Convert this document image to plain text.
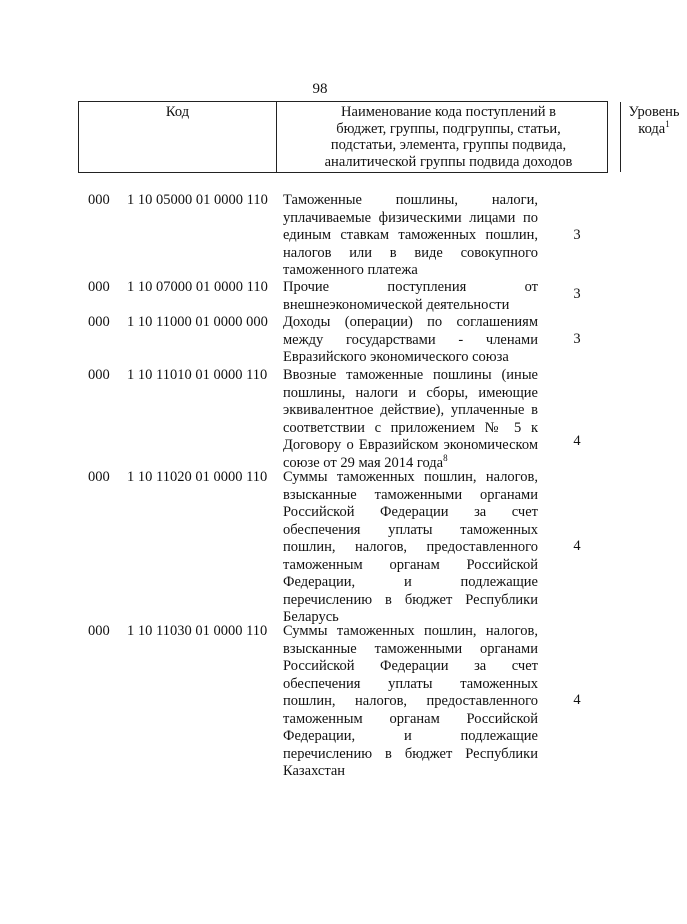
98
Код	Наименование кода поступлений в
бюджет, группы, подгруппы, статьи,
подстатьи, элемента, группы подвида,
аналитической группы подвида доходов
Уровень
кода$^1$
000 1 10 05000 01 0000 110 Таможенные пошлины, налоги,
уплачиваемые физическими лицами по
единым ставкам таможенных пошлин,
налогов или в виде совокупного
таможенного платежа
3
000 1 10 07000 01 0000 110 Прочие поступления от
внешнеэкономической деятельности
3
000 1 10 11000 01 0000 000 Доходы (операции) по соглашениям
между государствами - членами
Евразийского экономического союза
3
000 1 10 11010 01 0000 110 Ввозные таможенные пошлины (иные
пошлины, налоги и сборы, имеющие
эквивалентное действие), уплаченные в
соответствии с приложением № 5 к
Договору о Евразийском экономическом
союзе от 29 мая 2014 года$^8$
4
000 1 10 11020 01 0000 110 Суммы таможенных пошлин, налогов,
взысканные таможенными органами
Российской Федерации за счет
обеспечения уплаты таможенных
пошлин, налогов, предоставленного
таможенным органам Российской
Федерации, и подлежащие
перечислению в бюджет Республики
Беларусь
4
000 1 10 11030 01 0000 110 Суммы таможенных пошлин, налогов,
взысканные таможенными органами
Российской Федерации за счет
обеспечения уплаты таможенных
пошлин, налогов, предоставленного
таможенным органам Российской
Федерации, и подлежащие
перечислению в бюджет Республики
Казахстан
4
